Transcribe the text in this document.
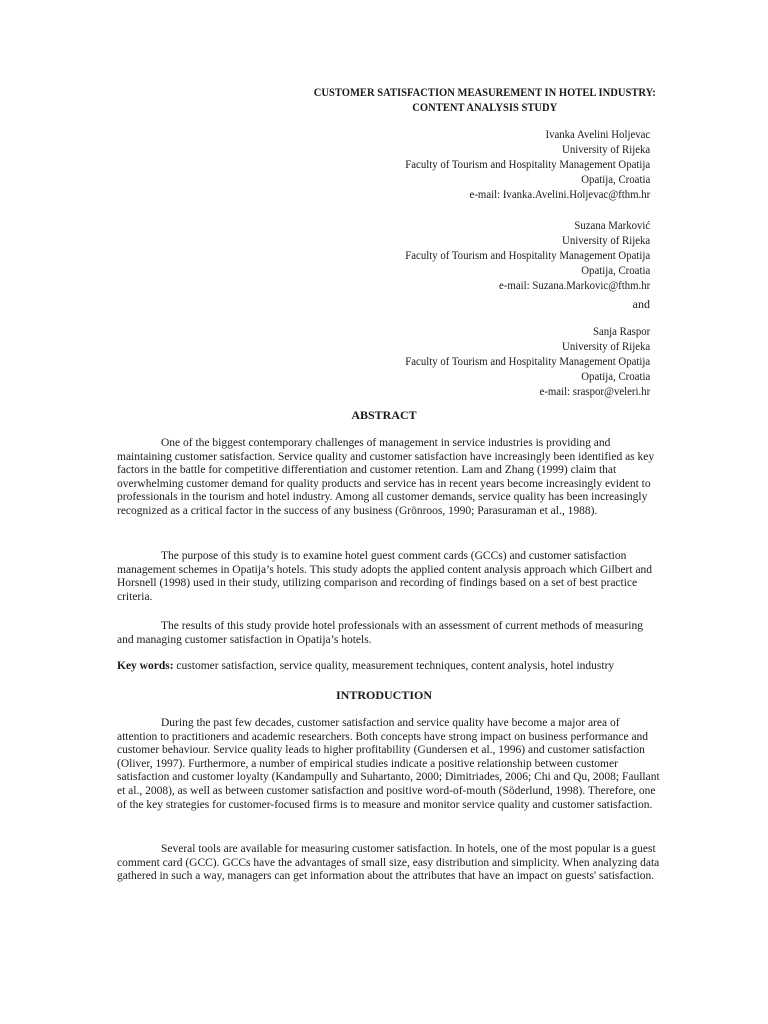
CUSTOMER SATISFACTION MEASUREMENT IN HOTEL INDUSTRY:
CONTENT ANALYSIS STUDY
Ivanka Avelini Holjevac
University of Rijeka
Faculty of Tourism and Hospitality Management Opatija
Opatija, Croatia
e-mail: Ivanka.Avelini.Holjevac@fthm.hr
Suzana Marković
University of Rijeka
Faculty of Tourism and Hospitality Management Opatija
Opatija, Croatia
e-mail: Suzana.Markovic@fthm.hr
and
Sanja Raspor
University of Rijeka
Faculty of Tourism and Hospitality Management Opatija
Opatija, Croatia
e-mail: sraspor@veleri.hr
ABSTRACT

One of the biggest contemporary challenges of management in service industries is providing and maintaining customer satisfaction. Service quality and customer satisfaction have increasingly been identified as key factors in the battle for competitive differentiation and customer retention. Lam and Zhang (1999) claim that overwhelming customer demand for quality products and service has in recent years become increasingly evident to professionals in the tourism and hotel industry. Among all customer demands, service quality has been increasingly recognized as a critical factor in the success of any business (Grönroos, 1990; Parasuraman et al., 1988).

The purpose of this study is to examine hotel guest comment cards (GCCs) and customer satisfaction management schemes in Opatija’s hotels. This study adopts the applied content analysis approach which Gilbert and Horsnell (1998) used in their study, utilizing comparison and recording of findings based on a set of best practice criteria.

The results of this study provide hotel professionals with an assessment of current methods of measuring and managing customer satisfaction in Opatija’s hotels.

Key words: customer satisfaction, service quality, measurement techniques, content analysis, hotel industry
INTRODUCTION

During the past few decades, customer satisfaction and service quality have become a major area of attention to practitioners and academic researchers. Both concepts have strong impact on business performance and customer behaviour. Service quality leads to higher profitability (Gundersen et al., 1996) and customer satisfaction (Oliver, 1997). Furthermore, a number of empirical studies indicate a positive relationship between customer satisfaction and customer loyalty (Kandampully and Suhartanto, 2000; Dimitriades, 2006; Chi and Qu, 2008; Faullant et al., 2008), as well as between customer satisfaction and positive word-of-mouth (Söderlund, 1998). Therefore, one of the key strategies for customer-focused firms is to measure and monitor service quality and customer satisfaction.

Several tools are available for measuring customer satisfaction. In hotels, one of the most popular is a guest comment card (GCC). GCCs have the advantages of small size, easy distribution and simplicity. When analyzing data gathered in such a way, managers can get information about the attributes that have an impact on guests' satisfaction.
